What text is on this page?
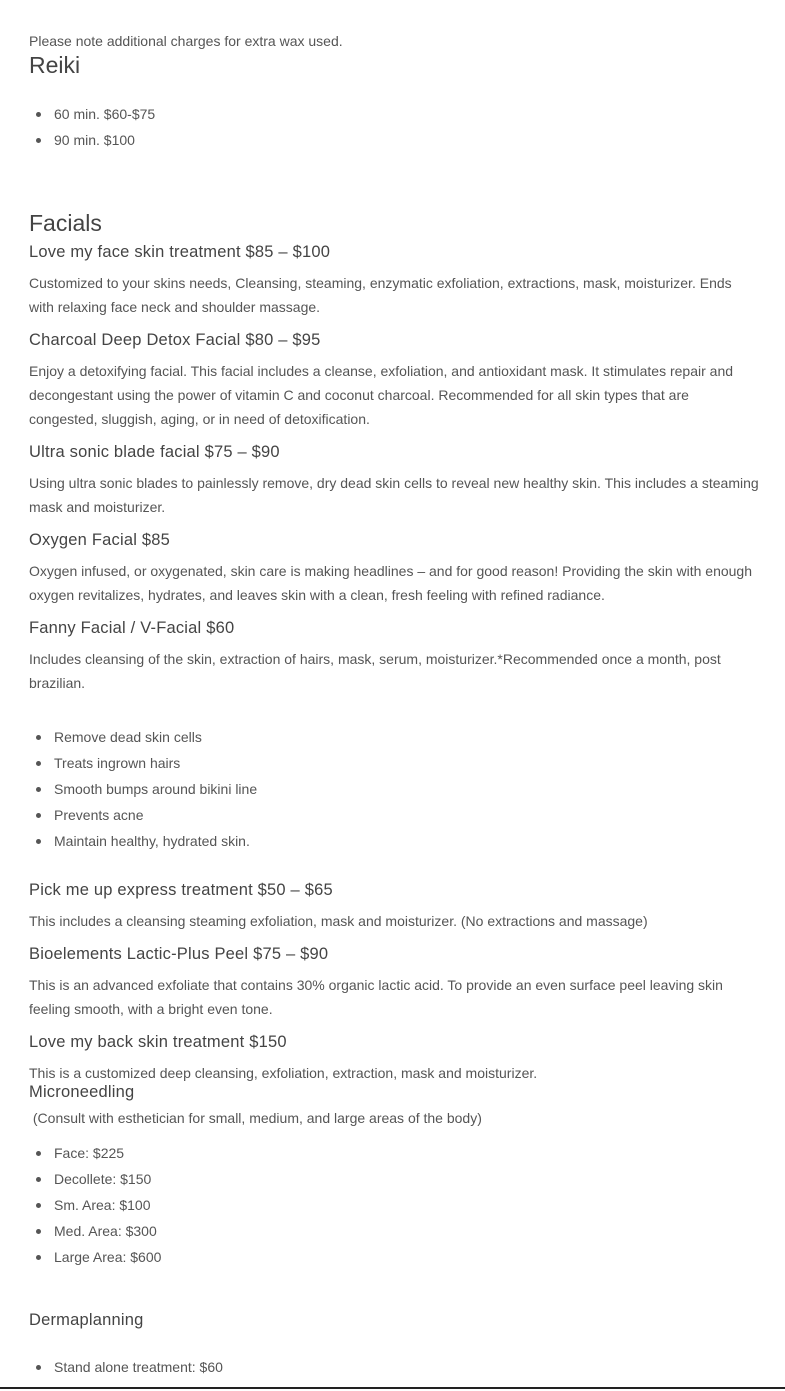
Please note additional charges for extra wax used.

Reiki
60 min. $60-$75
90 min. $100
Facials
Love my face skin treatment $85 – $100

Customized to your skins needs, Cleansing, steaming, enzymatic exfoliation, extractions, mask, moisturizer. Ends with relaxing face neck and shoulder massage.

Charcoal Deep Detox Facial $80 – $95

Enjoy a detoxifying facial. This facial includes a cleanse, exfoliation, and antioxidant mask. It stimulates repair and decongestant using the power of vitamin C and coconut charcoal. Recommended for all skin types that are congested, sluggish, aging, or in need of detoxification.

Ultra sonic blade facial $75 – $90

Using ultra sonic blades to painlessly remove, dry dead skin cells to reveal new healthy skin. This includes a steaming mask and moisturizer.

Oxygen Facial $85

Oxygen infused, or oxygenated, skin care is making headlines – and for good reason! Providing the skin with enough oxygen revitalizes, hydrates, and leaves skin with a clean, fresh feeling with refined radiance.

Fanny Facial / V-Facial $60

Includes cleansing of the skin, extraction of hairs, mask, serum, moisturizer.*Recommended once a month, post brazilian.

Remove dead skin cells
Treats ingrown hairs
Smooth bumps around bikini line
Prevents acne
Maintain healthy, hydrated skin.
Pick me up express treatment $50 – $65

This includes a cleansing steaming exfoliation, mask and moisturizer. (No extractions and massage)

Bioelements Lactic-Plus Peel $75 – $90

This is an advanced exfoliate that contains 30% organic lactic acid. To provide an even surface peel leaving skin feeling smooth, with a bright even tone.

Love my back skin treatment $150

This is a customized deep cleansing, exfoliation, extraction, mask and moisturizer.

Microneedling

(Consult with esthetician for small, medium, and large areas of the body)

Face: $225
Decollete: $150
Sm. Area: $100
Med. Area: $300
Large Area: $600
Dermaplanning
Stand alone treatment: $60
